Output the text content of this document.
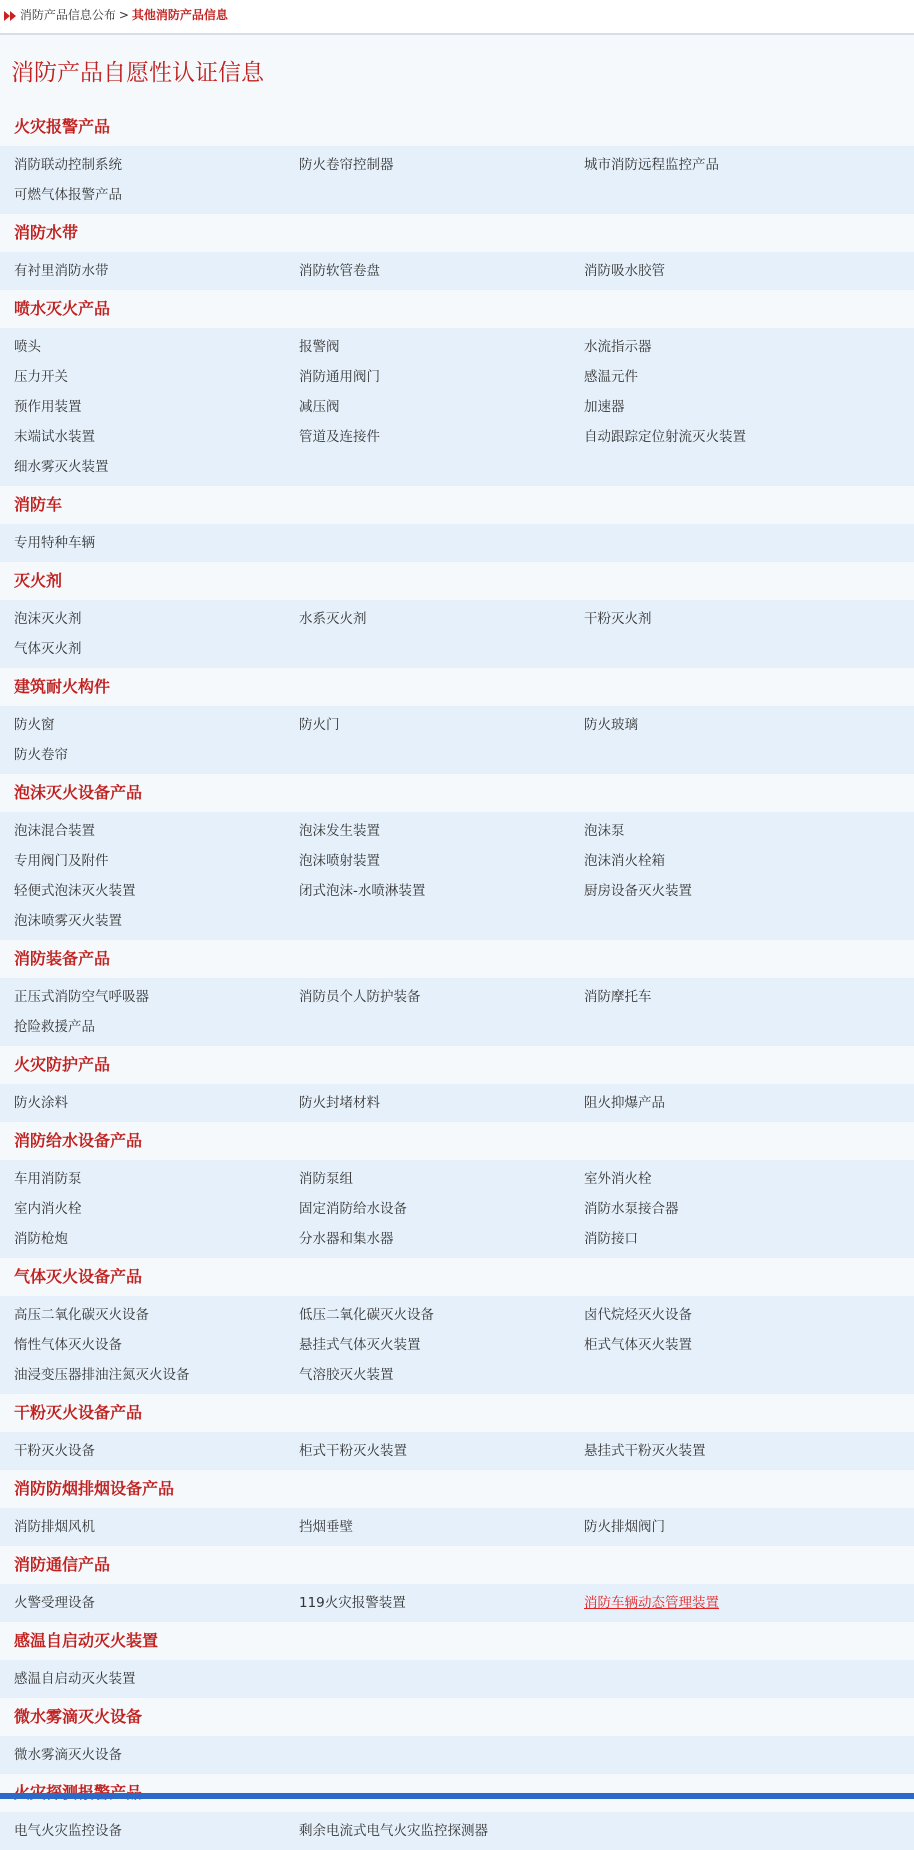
消防产品信息公布 > 其他消防产品信息
消防产品自愿性认证信息
火灾报警产品
消防联动控制系统	防火卷帘控制器	城市消防远程监控产品
可燃气体报警产品
消防水带
有衬里消防水带	消防软管卷盘	消防吸水胶管
喷水灭火产品
喷头	报警阀	水流指示器
压力开关	消防通用阀门	感温元件
预作用装置	减压阀	加速器
末端试水装置	管道及连接件	自动跟踪定位射流灭火装置
细水雾灭火装置
消防车
专用特种车辆
灭火剂
泡沫灭火剂	水系灭火剂	干粉灭火剂
气体灭火剂
建筑耐火构件
防火窗	防火门	防火玻璃
防火卷帘
泡沫灭火设备产品
泡沫混合装置	泡沫发生装置	泡沫泵
专用阀门及附件	泡沫喷射装置	泡沫消火栓箱
轻便式泡沫灭火装置	闭式泡沫-水喷淋装置	厨房设备灭火装置
泡沫喷雾灭火装置
消防装备产品
正压式消防空气呼吸器	消防员个人防护装备	消防摩托车
抢险救援产品
火灾防护产品
防火涂料	防火封堵材料	阻火抑爆产品
消防给水设备产品
车用消防泵	消防泵组	室外消火栓
室内消火栓	固定消防给水设备	消防水泵接合器
消防枪炮	分水器和集水器	消防接口
气体灭火设备产品
高压二氧化碳灭火设备	低压二氧化碳灭火设备	卤代烷烃灭火设备
惰性气体灭火设备	悬挂式气体灭火装置	柜式气体灭火装置
油浸变压器排油注氮灭火设备	气溶胶灭火装置
干粉灭火设备产品
干粉灭火设备	柜式干粉灭火装置	悬挂式干粉灭火装置
消防防烟排烟设备产品
消防排烟风机	挡烟垂壁	防火排烟阀门
消防通信产品
火警受理设备	119火灾报警装置	消防车辆动态管理装置
感温自启动灭火装置
感温自启动灭火装置
微水雾滴灭火设备
微水雾滴灭火设备
电气火灾监控设备	剩余电流式电气火灾监控探测器
